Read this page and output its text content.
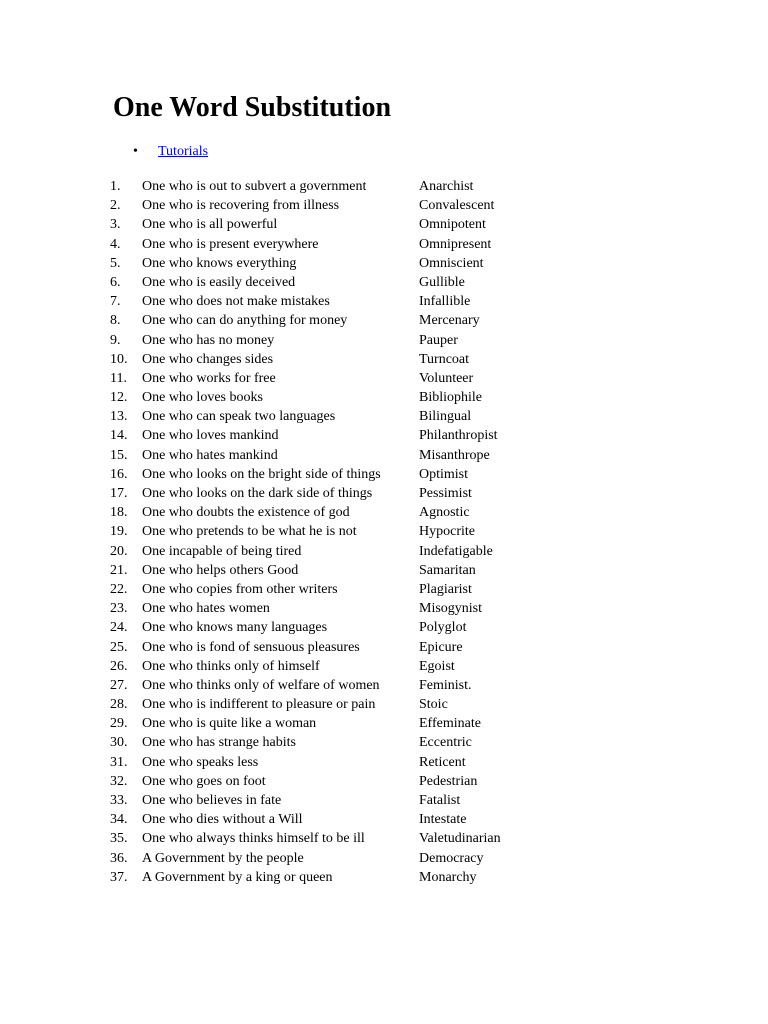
One Word Substitution
• Tutorials
1.	One who is out to subvert a government	Anarchist
2.	One who is recovering from illness	Convalescent
3.	One who is all powerful	Omnipotent
4.	One who is present everywhere	Omnipresent
5.	One who knows everything	Omniscient
6.	One who is easily deceived	Gullible
7.	One who does not make mistakes	Infallible
8.	One who can do anything for money	Mercenary
9.	One who has no money	Pauper
10.	One who changes sides	Turncoat
11.	One who works for free	Volunteer
12.	One who loves books	Bibliophile
13.	One who can speak two languages	Bilingual
14.	One who loves mankind	Philanthropist
15.	One who hates mankind	Misanthrope
16.	One who looks on the bright side of things	Optimist
17.	One who looks on the dark side of things	Pessimist
18.	One who doubts the existence of god	Agnostic
19.	One who pretends to be what he is not	Hypocrite
20.	One incapable of being tired	Indefatigable
21.	One who helps others Good	Samaritan
22.	One who copies from other writers	Plagiarist
23.	One who hates women	Misogynist
24.	One who knows many languages	Polyglot
25.	One who is fond of sensuous pleasures	Epicure
26.	One who thinks only of himself	Egoist
27.	One who thinks only of welfare of women	Feminist.
28.	One who is indifferent to pleasure or pain	Stoic
29.	One who is quite like a woman	Effeminate
30.	One who has strange habits	Eccentric
31.	One who speaks less	Reticent
32.	One who goes on foot	Pedestrian
33.	One who believes in fate	Fatalist
34.	One who dies without a Will	Intestate
35.	One who always thinks himself to be ill	Valetudinarian
36.	A Government by the people	Democracy
37.	A Government by a king or queen	Monarchy
